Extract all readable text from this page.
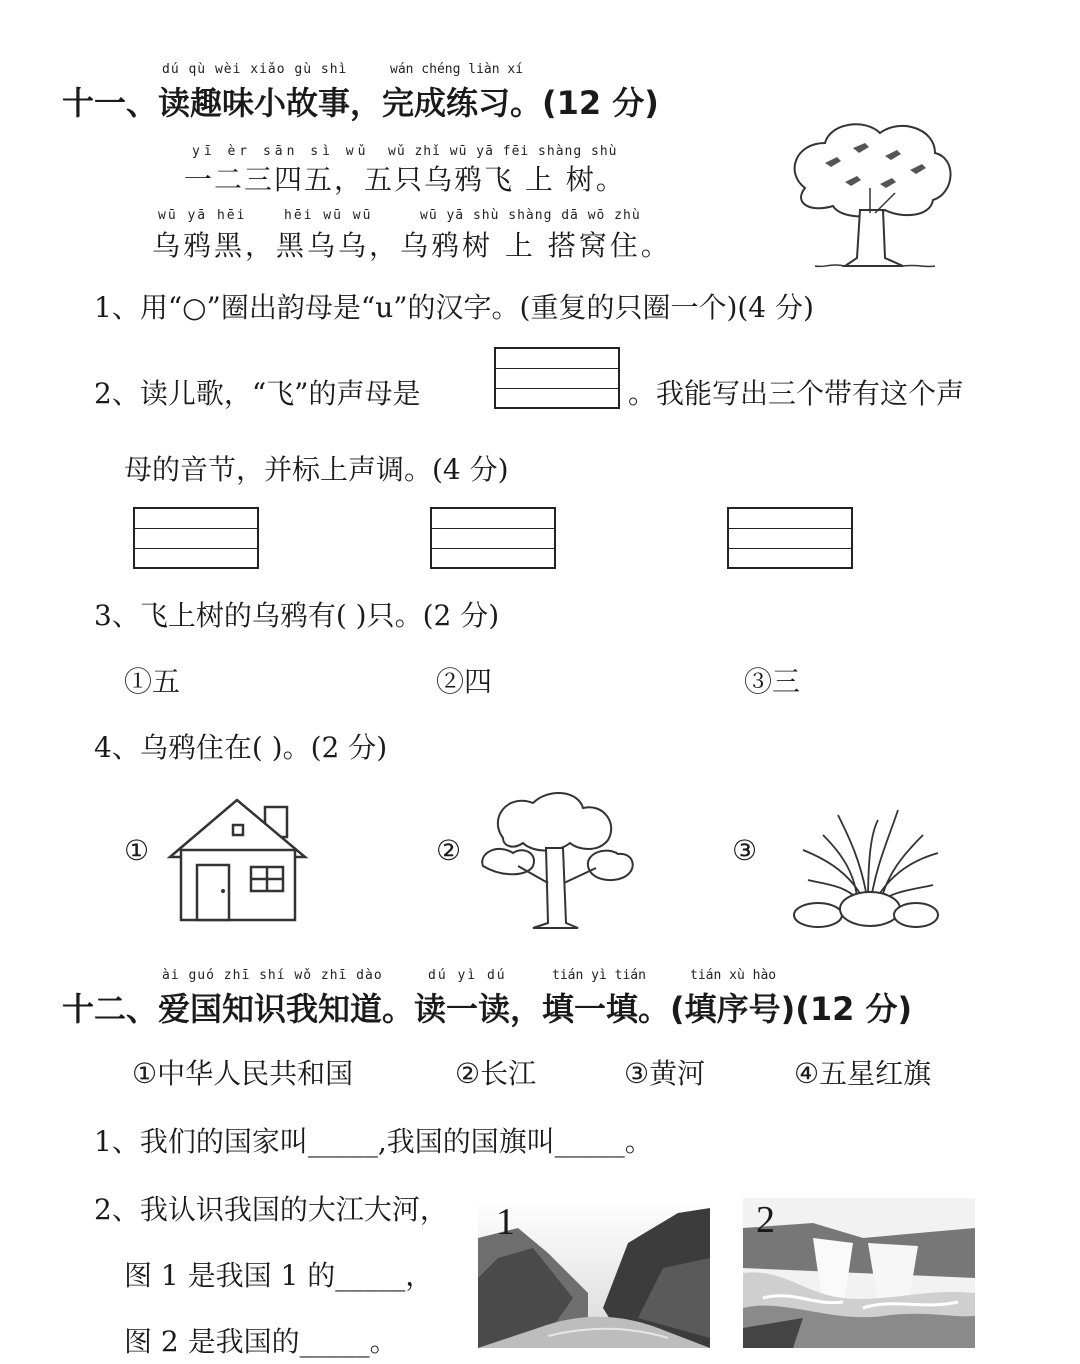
dú qù wèi xiǎo gù shì	wán chéng liàn xí
十一、读趣味小故事，完成练习。(12 分)
yī èr sān sì wǔ wǔ zhǐ wū yā fēi shàng shù
一二三四五，五只乌鸦飞 上 树。
wū yā hēi	hēi wū wū	wū yā shù shàng dā wō zhù
乌鸦黑，黑乌乌，乌鸦树 上 搭窝住。
1、用“○”圈出韵母是“u”的汉字。(重复的只圈一个)(4 分)
2、读儿歌，“飞”的声母是	。我能写出三个带有这个声
母的音节，并标上声调。(4 分)
3、飞上树的乌鸦有( )只。(2 分)
①五	②四	③三
4、乌鸦住在( )。(2 分)
①	②	③
ài guó zhī shí wǒ zhī dào	dú yì dú	tián yì tián	tián xù hào
十二、爱国知识我知道。读一读，填一填。(填序号)(12 分)
①中华人民共和国	②长江	③黄河	④五星红旗
1、我们的国家叫_____,我国的国旗叫_____。
2、我认识我国的大江大河，
图 1 是我国 1 的_____，
图 2 是我国的_____。
1	2
